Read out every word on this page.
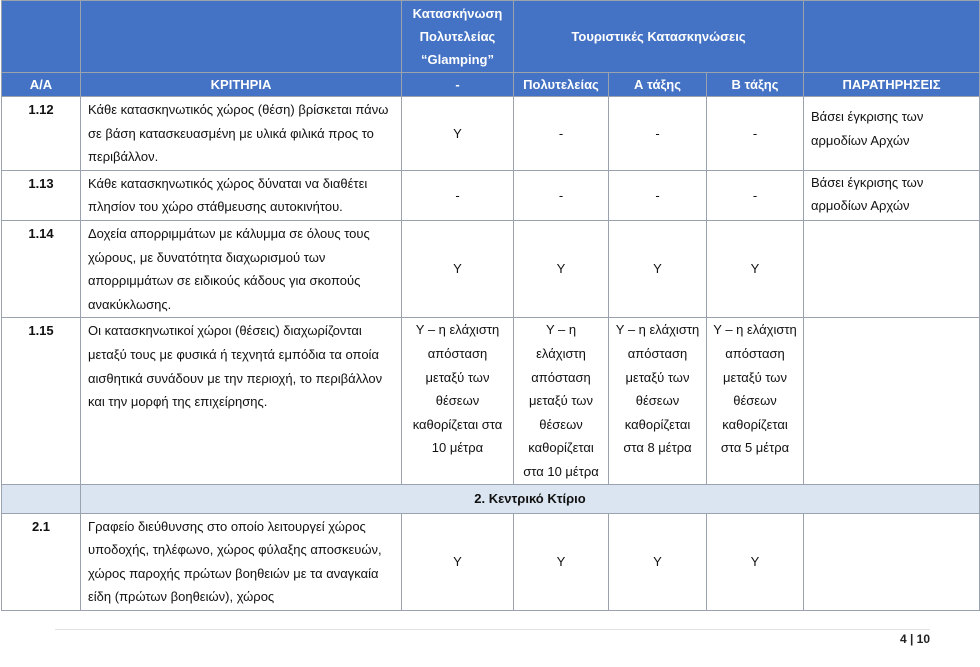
		Κατασκήνωση Πολυτελείας “Glamping”	Τουριστικές Κατασκηνώσεις			
Α/Α	ΚΡΙΤΗΡΙΑ	-	Πολυτελείας	Α τάξης	Β τάξης	ΠΑΡΑΤΗΡΗΣΕΙΣ
1.12	Κάθε κατασκηνωτικός χώρος (θέση) βρίσκεται πάνω σε βάση κατασκευασμένη με υλικά φιλικά προς το περιβάλλον.	Υ	-	-	-	Βάσει έγκρισης των αρμοδίων Αρχών
1.13	Κάθε κατασκηνωτικός χώρος δύναται να διαθέτει πλησίον του χώρο στάθμευσης αυτοκινήτου.	-	-	-	-	Βάσει έγκρισης των αρμοδίων Αρχών
1.14	Δοχεία απορριμμάτων με κάλυμμα σε όλους τους χώρους, με δυνατότητα διαχωρισμού των απορριμμάτων σε ειδικούς κάδους για σκοπούς ανακύκλωσης.	Υ	Υ	Υ	Υ	
1.15	Οι κατασκηνωτικοί χώροι (θέσεις) διαχωρίζονται μεταξύ τους με φυσικά ή τεχνητά εμπόδια τα οποία αισθητικά συνάδουν με την περιοχή, το περιβάλλον και την μορφή της επιχείρησης.	Υ – η ελάχιστη απόσταση μεταξύ των θέσεων καθορίζεται στα 10 μέτρα	Υ – η ελάχιστη απόσταση μεταξύ των θέσεων καθορίζεται στα 10 μέτρα	Υ – η ελάχιστη απόσταση μεταξύ των θέσεων καθορίζεται στα 8 μέτρα	Υ – η ελάχιστη απόσταση μεταξύ των θέσεων καθορίζεται στα 5 μέτρα	
	2. Κεντρικό Κτίριο					
2.1	Γραφείο διεύθυνσης στο οποίο λειτουργεί χώρος υποδοχής, τηλέφωνο, χώρος φύλαξης αποσκευών, χώρος παροχής πρώτων βοηθειών με τα αναγκαία είδη (πρώτων βοηθειών), χώρος	Υ	Υ	Υ	Υ	
4 | 10
